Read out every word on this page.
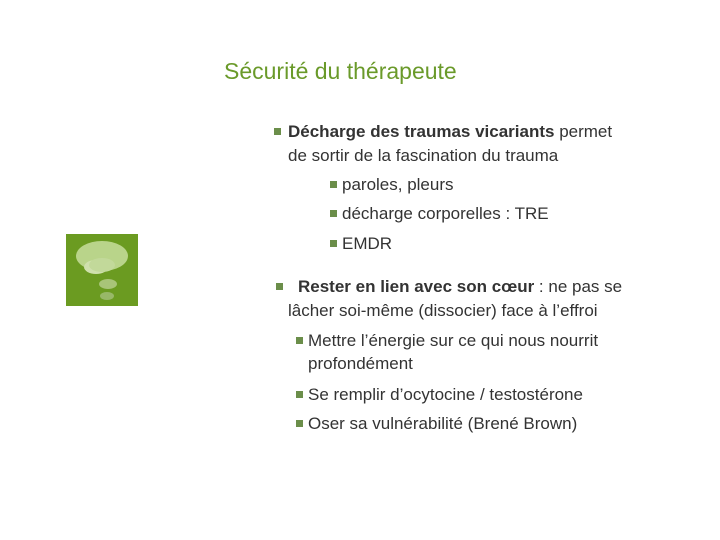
Sécurité du thérapeute
Décharge des traumas vicariants permet
de sortir de la fascination du trauma
paroles, pleurs
décharge corporelles : TRE
EMDR
Rester en lien avec son cœur : ne pas se
lâcher soi-même (dissocier) face à l’effroi
Mettre l’énergie sur ce qui nous nourrit
profondément
Se remplir d’ocytocine / testostérone
Oser sa vulnérabilité (Brené Brown)
